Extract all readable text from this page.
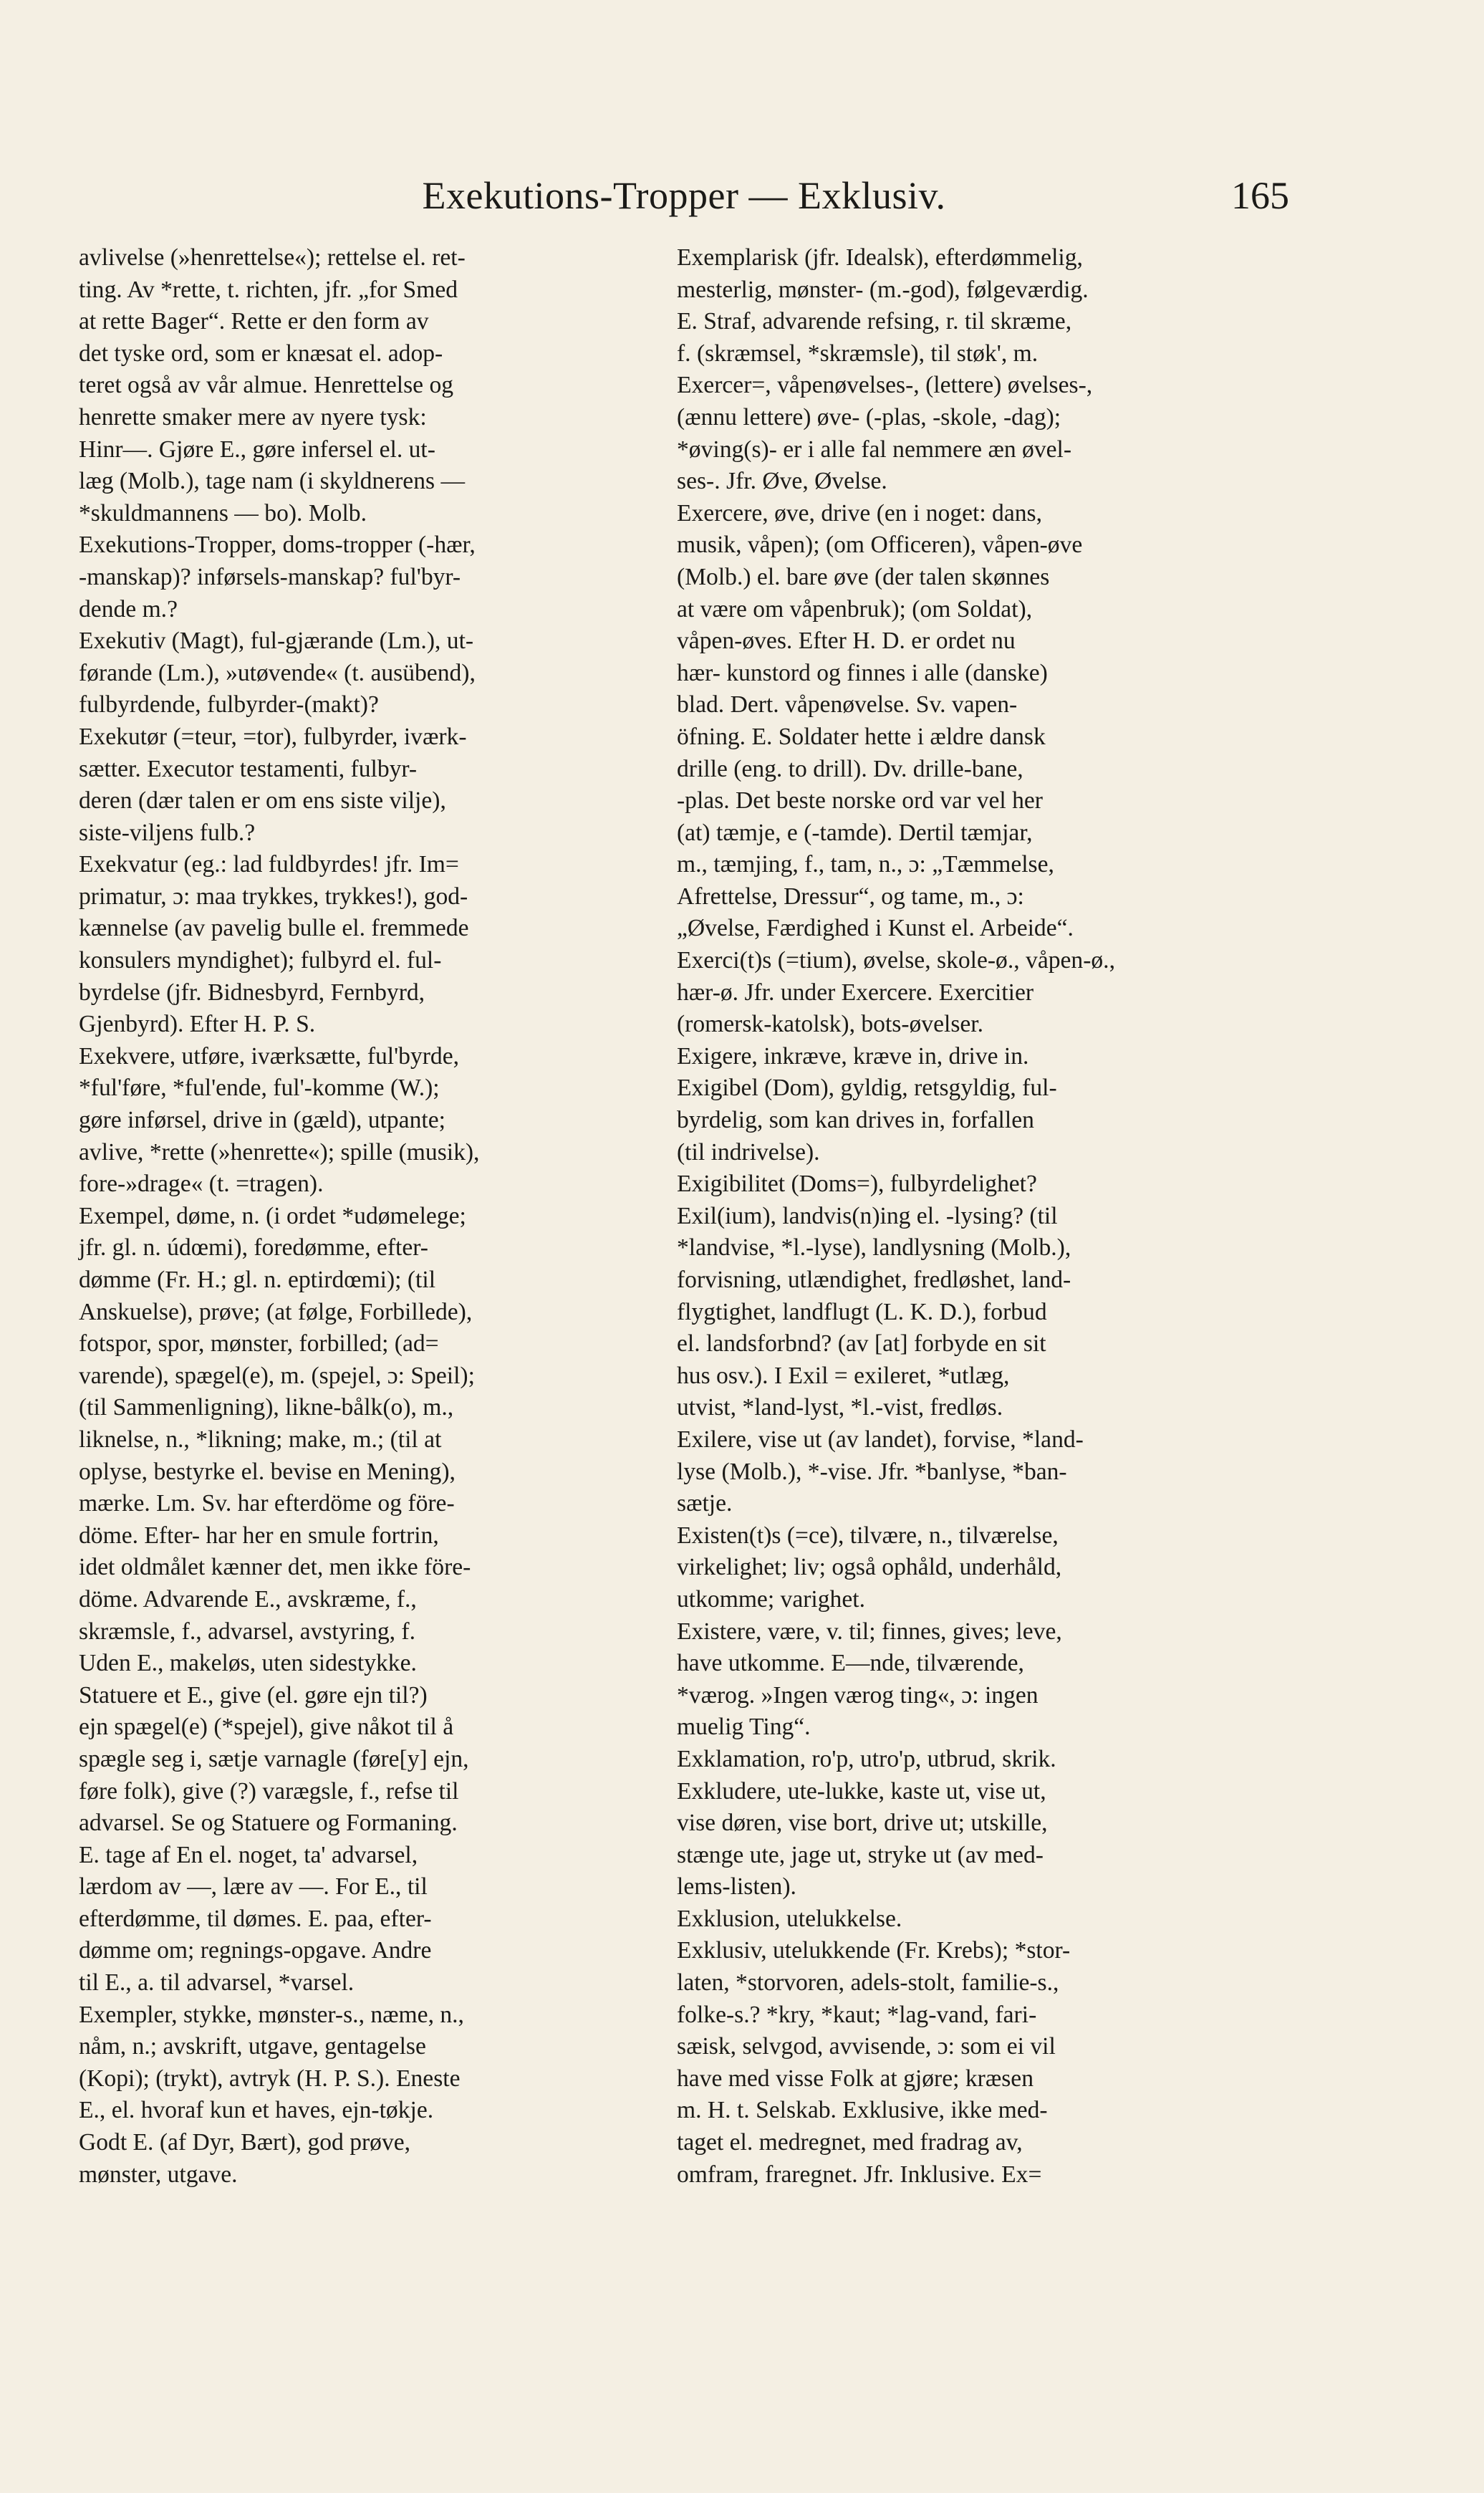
Exekutions-Tropper — Exklusiv.	165
avlivelse (»henrettelse«); rettelse el. ret-
ting. Av *rette, t. richten, jfr. „for Smed
at rette Bager“. Rette er den form av
det tyske ord, som er knæsat el. adop-
teret også av vår almue. Henrettelse og
henrette smaker mere av nyere tysk:
Hinr—. Gjøre E., gøre infersel el. ut-
læg (Molb.), tage nam (i skyldnerens —
*skuldmannens — bo). Molb.
Exekutions-Tropper, doms-tropper (-hær,
-manskap)? inførsels-manskap? ful'byr-
dende m.?
Exekutiv (Magt), ful-gjærande (Lm.), ut-
førande (Lm.), »utøvende« (t. ausübend),
fulbyrdende, fulbyrder-(makt)?
Exekutør (=teur, =tor), fulbyrder, iværk-
sætter. Executor testamenti, fulbyr-
deren (dær talen er om ens siste vilje),
siste-viljens fulb.?
Exekvatur (eg.: lad fuldbyrdes! jfr. Im=
primatur, ɔ: maa trykkes, trykkes!), god-
kænnelse (av pavelig bulle el. fremmede
konsulers myndighet); fulbyrd el. ful-
byrdelse (jfr. Bidnesbyrd, Fernbyrd,
Gjenbyrd). Efter H. P. S.
Exekvere, utføre, iværksætte, ful'byrde,
*ful'føre, *ful'ende, ful'-komme (W.);
gøre inførsel, drive in (gæld), utpante;
avlive, *rette (»henrette«); spille (musik),
fore-»drage« (t. =tragen).
Exempel, døme, n. (i ordet *udømelege;
jfr. gl. n. údœmi), foredømme, efter-
dømme (Fr. H.; gl. n. eptirdœmi); (til
Anskuelse), prøve; (at følge, Forbillede),
fotspor, spor, mønster, forbilled; (ad=
varende), spægel(e), m. (spejel, ɔ: Speil);
(til Sammenligning), likne-bålk(o), m.,
liknelse, n., *likning; make, m.; (til at
oplyse, bestyrke el. bevise en Mening),
mærke. Lm. Sv. har efterdöme og före-
döme. Efter- har her en smule fortrin,
idet oldmålet kænner det, men ikke före-
döme. Advarende E., avskræme, f.,
skræmsle, f., advarsel, avstyring, f.
Uden E., makeløs, uten sidestykke.
Statuere et E., give (el. gøre ejn til?)
ejn spægel(e) (*spejel), give nåkot til å
spægle seg i, sætje varnagle (føre[y] ejn,
føre folk), give (?) varægsle, f., refse til
advarsel. Se og Statuere og Formaning.
E. tage af En el. noget, ta' advarsel,
lærdom av —, lære av —. For E., til
efterdømme, til dømes. E. paa, efter-
dømme om; regnings-opgave. Andre
til E., a. til advarsel, *varsel.
Exempler, stykke, mønster-s., næme, n.,
nåm, n.; avskrift, utgave, gentagelse
(Kopi); (trykt), avtryk (H. P. S.). Eneste
E., el. hvoraf kun et haves, ejn-tøkje.
Godt E. (af Dyr, Bært), god prøve,
mønster, utgave.
Exemplarisk (jfr. Idealsk), efterdømmelig,
mesterlig, mønster- (m.-god), følgeværdig.
E. Straf, advarende refsing, r. til skræme,
f. (skræmsel, *skræmsle), til støk', m.
Exercer=, våpenøvelses-, (lettere) øvelses-,
(ænnu lettere) øve- (-plas, -skole, -dag);
*øving(s)- er i alle fal nemmere æn øvel-
ses-. Jfr. Øve, Øvelse.
Exercere, øve, drive (en i noget: dans,
musik, våpen); (om Officeren), våpen-øve
(Molb.) el. bare øve (der talen skønnes
at være om våpenbruk); (om Soldat),
våpen-øves. Efter H. D. er ordet nu
hær- kunstord og finnes i alle (danske)
blad. Dert. våpenøvelse. Sv. vapen-
öfning. E. Soldater hette i ældre dansk
drille (eng. to drill). Dv. drille-bane,
-plas. Det beste norske ord var vel her
(at) tæmje, e (-tamde). Dertil tæmjar,
m., tæmjing, f., tam, n., ɔ: „Tæmmelse,
Afrettelse, Dressur“, og tame, m., ɔ:
„Øvelse, Færdighed i Kunst el. Arbeide“.
Exerci(t)s (=tium), øvelse, skole-ø., våpen-ø.,
hær-ø. Jfr. under Exercere. Exercitier
(romersk-katolsk), bots-øvelser.
Exigere, inkræve, kræve in, drive in.
Exigibel (Dom), gyldig, retsgyldig, ful-
byrdelig, som kan drives in, forfallen
(til indrivelse).
Exigibilitet (Doms=), fulbyrdelighet?
Exil(ium), landvis(n)ing el. -lysing? (til
*landvise, *l.-lyse), landlysning (Molb.),
forvisning, utlændighet, fredløshet, land-
flygtighet, landflugt (L. K. D.), forbud
el. landsforbnd? (av [at] forbyde en sit
hus osv.). I Exil = exileret, *utlæg,
utvist, *land-lyst, *l.-vist, fredløs.
Exilere, vise ut (av landet), forvise, *land-
lyse (Molb.), *-vise. Jfr. *banlyse, *ban-
sætje.
Existen(t)s (=ce), tilvære, n., tilværelse,
virkelighet; liv; også ophåld, underhåld,
utkomme; varighet.
Existere, være, v. til; finnes, gives; leve,
have utkomme. E—nde, tilværende,
*værog. »Ingen værog ting«, ɔ: ingen
muelig Ting“.
Exklamation, ro'p, utro'p, utbrud, skrik.
Exkludere, ute-lukke, kaste ut, vise ut,
vise døren, vise bort, drive ut; utskille,
stænge ute, jage ut, stryke ut (av med-
lems-listen).
Exklusion, utelukkelse.
Exklusiv, utelukkende (Fr. Krebs); *stor-
laten, *storvoren, adels-stolt, familie-s.,
folke-s.? *kry, *kaut; *lag-vand, fari-
sæisk, selvgod, avvisende, ɔ: som ei vil
have med visse Folk at gjøre; kræsen
m. H. t. Selskab. Exklusive, ikke med-
taget el. medregnet, med fradrag av,
omfram, fraregnet. Jfr. Inklusive. Ex=
